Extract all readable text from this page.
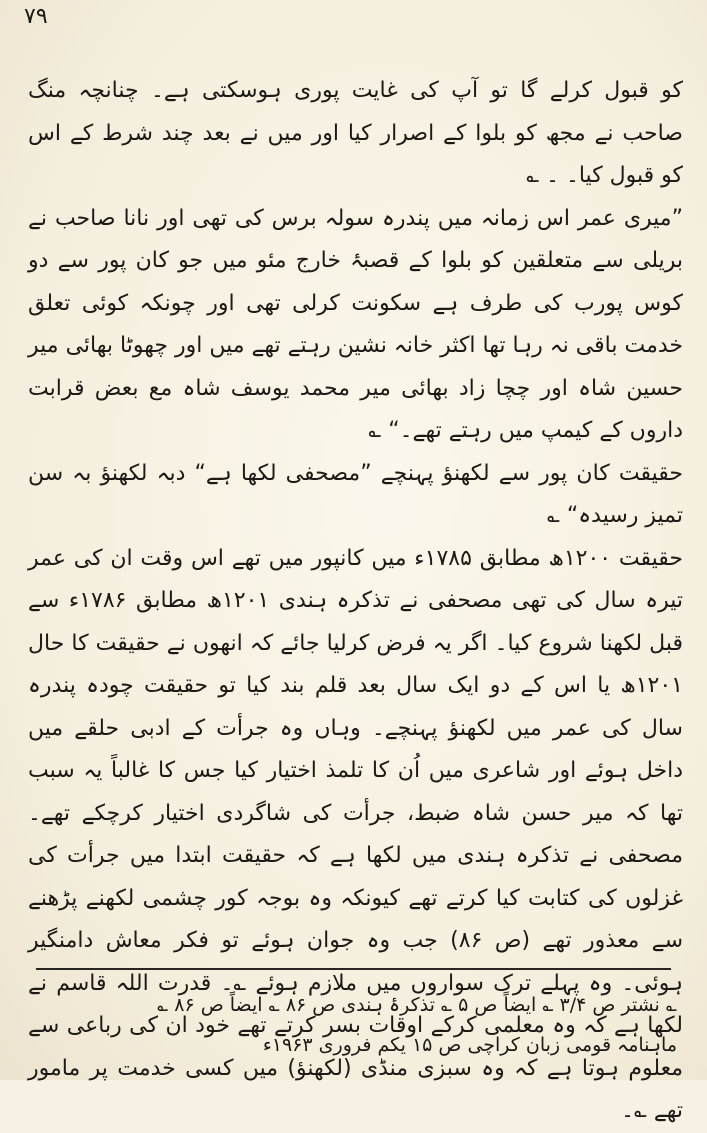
۷۹

کو قبول کرلے گا تو آپ کی غایت پوری ہوسکتی ہے۔ چنانچہ منگ صاحب نے مجھ کو بلوا کے اصرار کیا اور میں نے بعد چند شرط کے اس کو قبول کیا۔ ۔ ؎

”میری عمر اس زمانہ میں پندرہ سولہ برس کی تھی اور نانا صاحب نے بریلی سے متعلقین کو بلوا کے قصبۂ خارج مئو میں جو کان پور سے دو کوس پورب کی طرف ہے سکونت کرلی تھی اور چونکہ کوئی تعلق خدمت باقی نہ رہا تھا اکثر خانہ نشین رہتے تھے میں اور چھوٹا بھائی میر حسین شاہ اور چچا زاد بھائی میر محمد یوسف شاہ مع بعض قرابت داروں کے کیمپ میں رہتے تھے۔“ ؎

حقیقت کان پور سے لکھنؤ پہنچے ”مصحفی لکھا ہے“ دبہ لکھنؤ بہ سن تمیز رسیدہ“ ؎

حقیقت ۱۲۰۰ھ مطابق ۱۷۸۵ء میں کانپور میں تھے اس وقت ان کی عمر تیرہ سال کی تھی مصحفی نے تذکرہ ہندی ۱۲۰۱ھ مطابق ۱۷۸۶ء سے قبل لکھنا شروع کیا۔ اگر یہ فرض کرلیا جائے کہ انھوں نے حقیقت کا حال ۱۲۰۱ھ یا اس کے دو ایک سال بعد قلم بند کیا تو حقیقت چودہ پندرہ سال کی عمر میں لکھنؤ پہنچے۔ وہاں وہ جرأت کے ادبی حلقے میں داخل ہوئے اور شاعری میں اُن کا تلمذ اختیار کیا جس کا غالباً یہ سبب تھا کہ میر حسن شاہ ضبط، جرأت کی شاگردی اختیار کرچکے تھے۔ مصحفی نے تذکرہ ہندی میں لکھا ہے کہ حقیقت ابتدا میں جرأت کی غزلوں کی کتابت کیا کرتے تھے کیونکہ وہ بوجہ کور چشمی لکھنے پڑھنے سے معذور تھے (ص ۸۶) جب وہ جوان ہوئے تو فکر معاش دامنگیر ہوئی۔ وہ پہلے ترک سواروں میں ملازم ہوئے ؎۔ قدرت اللہ قاسم نے لکھا ہے کہ وہ معلمی کرکے اوقات بسر کرتے تھے خود ان کی رباعی سے معلوم ہوتا ہے کہ وہ سبزی منڈی (لکھنؤ) میں کسی خدمت پر مامور تھے ؎۔

؎ نشتر ص ۳/۴ ؎ ایضاً ص ۵ ؎ تذکرۂ ہندی ص ۸۶ ؎ ایضاً ص ۸۶ ؎

ماہنامہ قومی زبان کراچی ص ۱۵ یکم فروری ۱۹۶۳ء
